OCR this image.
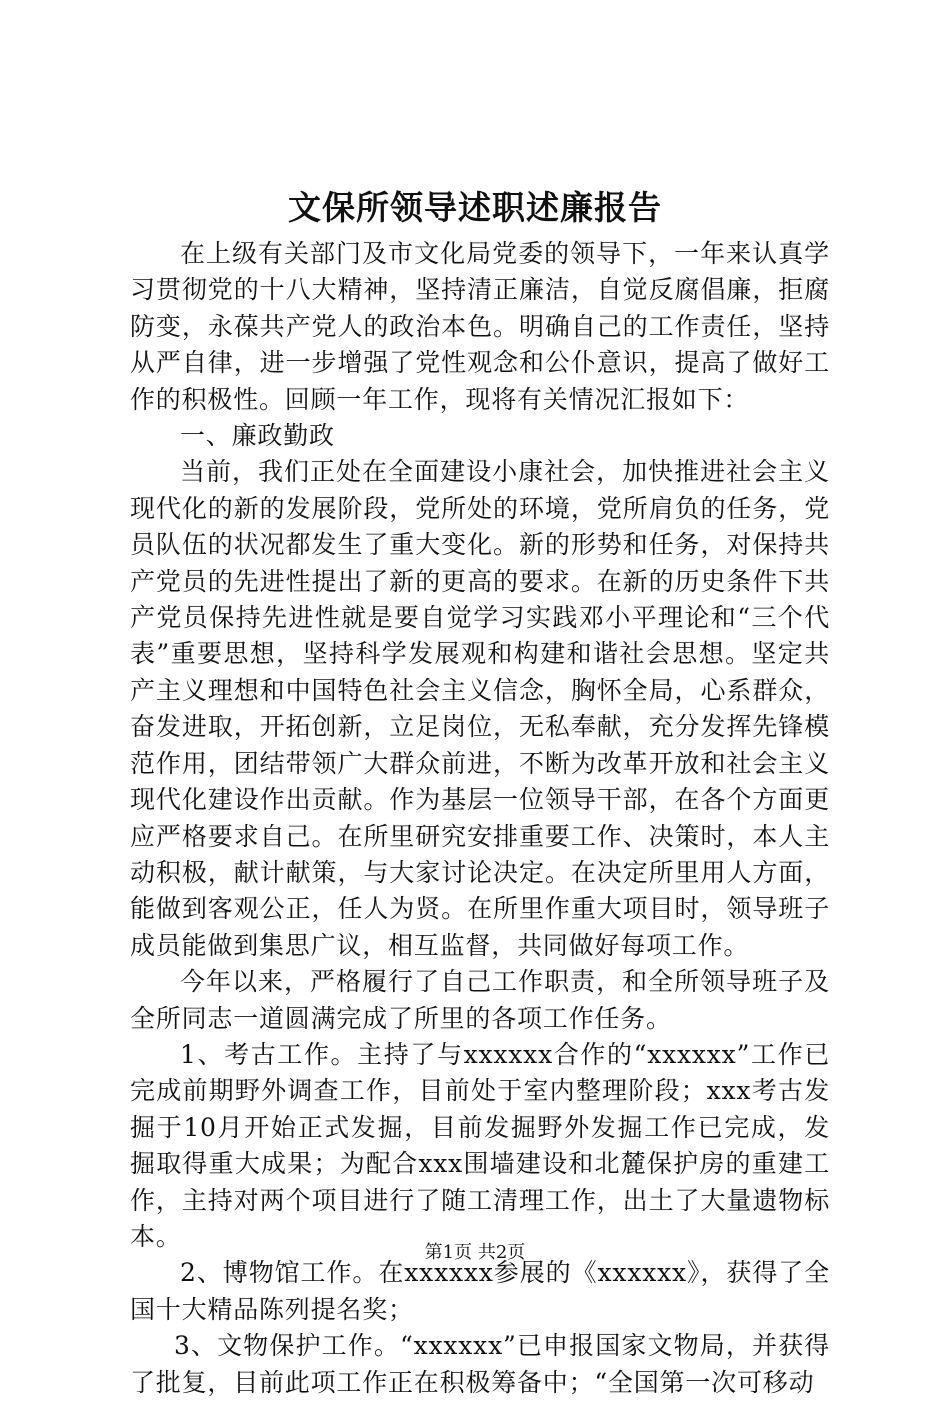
文保所领导述职述廉报告

在上级有关部门及市文化局党委的领导下，一年来认真学习贯彻党的十八大精神，坚持清正廉洁，自觉反腐倡廉，拒腐防变，永葆共产党人的政治本色。明确自己的工作责任，坚持从严自律，进一步增强了党性观念和公仆意识，提高了做好工作的积极性。回顾一年工作，现将有关情况汇报如下：

一、廉政勤政

当前，我们正处在全面建设小康社会，加快推进社会主义现代化的新的发展阶段，党所处的环境，党所肩负的任务，党员队伍的状况都发生了重大变化。新的形势和任务，对保持共产党员的先进性提出了新的更高的要求。在新的历史条件下共产党员保持先进性就是要自觉学习实践邓小平理论和“三个代表”重要思想，坚持科学发展观和构建和谐社会思想。坚定共产主义理想和中国特色社会主义信念，胸怀全局，心系群众，奋发进取，开拓创新，立足岗位，无私奉献，充分发挥先锋模范作用，团结带领广大群众前进，不断为改革开放和社会主义现代化建设作出贡献。作为基层一位领导干部，在各个方面更应严格要求自己。在所里研究安排重要工作、决策时，本人主动积极，献计献策，与大家讨论决定。在决定所里用人方面，能做到客观公正，任人为贤。在所里作重大项目时，领导班子成员能做到集思广议，相互监督，共同做好每项工作。

今年以来，严格履行了自己工作职责，和全所领导班子及全所同志一道圆满完成了所里的各项工作任务。

1、考古工作。主持了与xxxxxx合作的“xxxxxx”工作已完成前期野外调查工作，目前处于室内整理阶段；xxx考古发掘于10月开始正式发掘，目前发掘野外发掘工作已完成，发掘取得重大成果；为配合xxx围墙建设和北麓保护房的重建工作，主持对两个项目进行了随工清理工作，出土了大量遗物标本。

2、博物馆工作。在xxxxxx参展的《xxxxxx》，获得了全国十大精品陈列提名奖；

3、文物保护工作。“xxxxxx”已申报国家文物局，并获得了批复，目前此项工作正在积极筹备中；“全国第一次可移动

第1页 共2页
